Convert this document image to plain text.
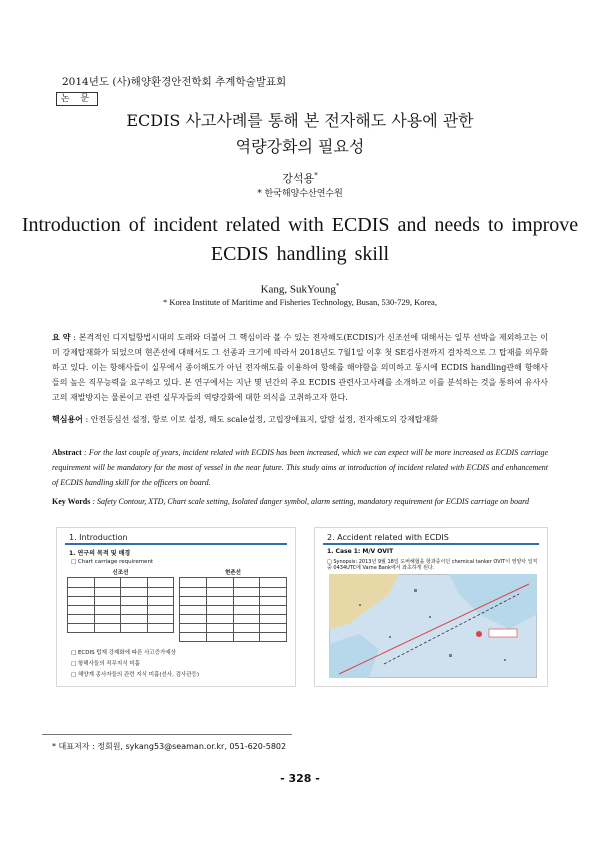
2014년도 (사)해양환경안전학회 추계학술발표회
논 문
ECDIS 사고사례를 통해 본 전자해도 사용에 관한
역량강화의 필요성
강석용*
* 한국해양수산연수원
Introduction of incident related with ECDIS and needs to improve
ECDIS handling skill
Kang, SukYoung*
* Korea Institute of Maritime and Fisheries Technology, Busan, 530-729, Korea,
요 약 : 본격적인 디지털항법시대의 도래와 더불어 그 핵심이라 볼 수 있는 전자해도(ECDIS)가 신조선에 대해서는 일부 선박을 제외하고는 이미 강제탑재화가 되었으며 현존선에 대해서도 그 선종과 크기에 따라서 2018년도 7월1일 이후 첫 SE검사전까지 걸차적으로 그 탑재를 의무화 하고 있다. 이는 항해사들이 실무에서 종이해도가 아닌 전자해도를 이용하여 항해를 해야함을 의미하고 동시에 ECDIS handling관해 항해사들의 높은 직무능력을 요구하고 있다. 본 연구에서는 지난 몇 년간의 주요 ECDIS 관련사고사례를 소개하고 이를 분석하는 것을 통하여 유사사고의 재발방지는 물론이고 관련 실무자들의 역량강화에 대한 의식을 고취하고자 한다.
핵심용어 : 안전등심선 설정, 항로 이로 설정, 해도 scale설정, 고립장애표지, 알람 설정, 전자해도의 강제탑재화
Abstract : For the last couple of years, incident related with ECDIS has been increased, which we can expect will be more increased as ECDIS carriage requirement will be mandatory for the most of vessel in the near future. This study aims at introduction of incident related with ECDIS and enhancement of ECDIS handling skill for the officers on board.
Key Words : Safety Contour, XTD, Chart scale setting, Isolated danger symbol, alarm setting, mandatory requirement for ECDIS carriage on board
1. Introduction
1. 연구의 목적 및 배경
□ Chart carriage requirement
신조선

				현존선

□ ECDIS 탑재 강제화에 따른 사고증가예상
□ 항해사들의 직무지식 미흡
□ 해양계 종사자들의 관련 지식 미흡(선사, 검사관등)
2. Accident related with ECDIS
1. Case 1: M/V OVIT
□ Synopsis: 2013년 9월 18일 도버해협을 항과중이던 chemical tanker OVIT이 영양사 일직중 0434UTC에 Varne Bank에서 좌초하게 된다.
* 대표저자 : 정회원, sykang53@seaman.or.kr, 051-620-5802
- 328 -
